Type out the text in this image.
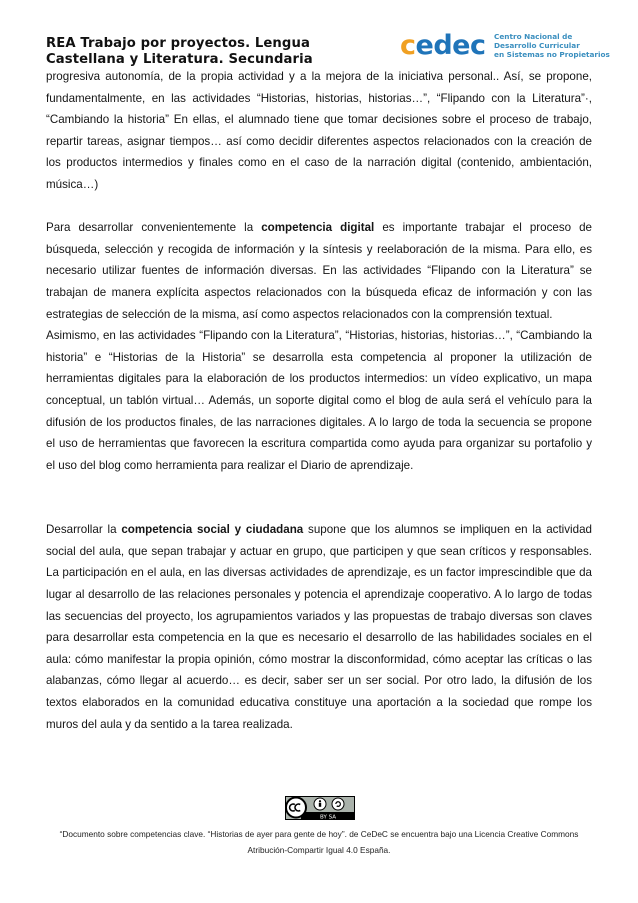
REA Trabajo por proyectos. Lengua
Castellana y Literatura. Secundaria	cedec Centro Nacional de
Desarrollo Curricular
en Sistemas no Propietarios

progresiva autonomía, de la propia actividad y a la mejora de la iniciativa personal.. Así, se propone, fundamentalmente, en las actividades “Historias, historias, historias…”, “Flipando con la Literatura”·, “Cambiando la historia” En ellas, el alumnado tiene que tomar decisiones sobre el proceso de trabajo, repartir tareas, asignar tiempos… así como decidir diferentes aspectos relacionados con la creación de los productos intermedios y finales como en el caso de la narración digital (contenido, ambientación, música…)

Para desarrollar convenientemente la competencia digital es importante trabajar el proceso de búsqueda, selección y recogida de información y la síntesis y reelaboración de la misma. Para ello, es necesario utilizar fuentes de información diversas. En las actividades “Flipando con la Literatura” se trabajan de manera explícita aspectos relacionados con la búsqueda eficaz de información y con las estrategias de selección de la misma, así como aspectos relacionados con la comprensión textual.

Asimismo, en las actividades “Flipando con la Literatura”, “Historias, historias, historias…”, “Cambiando la historia” e “Historias de la Historia” se desarrolla esta competencia al proponer la utilización de herramientas digitales para la elaboración de los productos intermedios: un vídeo explicativo, un mapa conceptual, un tablón virtual… Además, un soporte digital como el blog de aula será el vehículo para la difusión de los productos finales, de las narraciones digitales. A lo largo de toda la secuencia se propone el uso de herramientas que favorecen la escritura compartida como ayuda para organizar su portafolio y el uso del blog como herramienta para realizar el Diario de aprendizaje.

Desarrollar la competencia social y ciudadana supone que los alumnos se impliquen en la actividad social del aula, que sepan trabajar y actuar en grupo, que participen y que sean críticos y responsables. La participación en el aula, en las diversas actividades de aprendizaje, es un factor imprescindible que da lugar al desarrollo de las relaciones personales y potencia el aprendizaje cooperativo. A lo largo de todas las secuencias del proyecto, los agrupamientos variados y las propuestas de trabajo diversas son claves para desarrollar esta competencia en la que es necesario el desarrollo de las habilidades sociales en el aula: cómo manifestar la propia opinión, cómo mostrar la disconformidad, cómo aceptar las críticas o las alabanzas, cómo llegar al acuerdo… es decir, saber ser un ser social. Por otro lado, la difusión de los textos elaborados en la comunidad educativa constituye una aportación a la sociedad que rompe los muros del aula y da sentido a la tarea realizada.

BY SA
“Documento sobre competencias clave. “Historias de ayer para gente de hoy”. de CeDeC se encuentra bajo una Licencia Creative Commons
Atribución-Compartir Igual 4.0 España.
